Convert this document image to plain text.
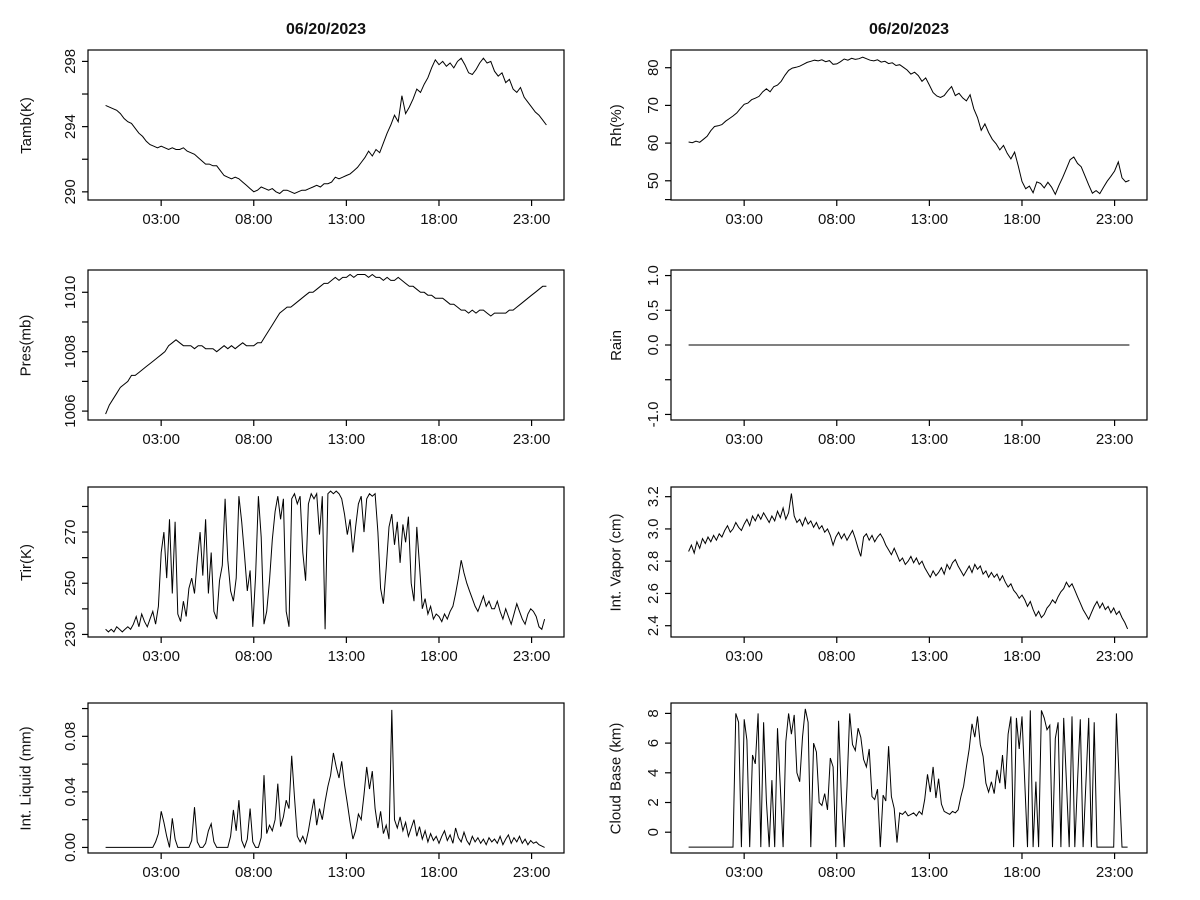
06/20/2023
Tamb(K)
03:00	08:00	13:00	18:00	23:00
290
294
298
06/20/2023
Rh(%)
03:00	08:00	13:00	18:00	23:00
50
60
70
80
Pres(mb)
03:00	08:00	13:00	18:00	23:00
1006
1008
1010
Rain
03:00	08:00	13:00	18:00	23:00
-1.0
0.0
0.5
1.0
Tir(K)
03:00	08:00	13:00	18:00	23:00
230
250
270	Int. Vapor (cm)
03:00	08:00	13:00	18:00	23:00
2.4
2.6
2.8
3.0
3.2
Int. Liquid (mm)
03:00	08:00	13:00	18:00	23:00
0.00
0.04
0.08	Cloud Base (km)
03:00	08:00	13:00	18:00	23:00
0
2
4
6
8
